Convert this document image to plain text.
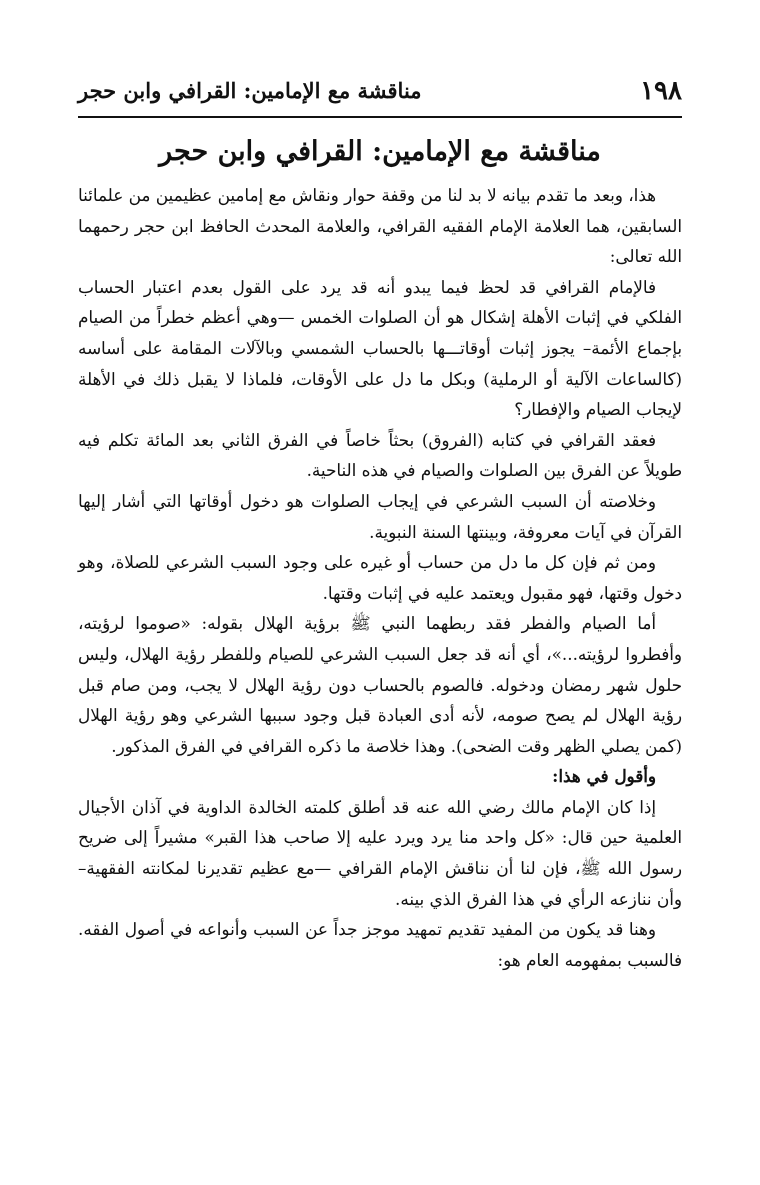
١٩٨
مناقشة مع الإمامين: القرافي وابن حجر
مناقشة مع الإمامين: القرافي وابن حجر

هذا، وبعد ما تقدم بيانه لا بد لنا من وقفة حوار ونقاش مع إمامين عظيمين من علمائنا السابقين، هما العلامة الإمام الفقيه القرافي، والعلامة المحدث الحافظ ابن حجر رحمهما الله تعالى:

فالإمام القرافي قد لحظ فيما يبدو أنه قد يرد على القول بعدم اعتبار الحساب الفلكي في إثبات الأهلة إشكال هو أن الصلوات الخمس —وهي أعظم خطراً من الصيام بإجماع الأئمة– يجوز إثبات أوقاتـــها بالحساب الشمسي وبالآلات المقامة على أساسه (كالساعات الآلية أو الرملية) وبكل ما دل على الأوقات، فلماذا لا يقبل ذلك في الأهلة لإيجاب الصيام والإفطار؟

فعقد القرافي في كتابه (الفروق) بحثاً خاصاً في الفرق الثاني بعد المائة تكلم فيه طويلاً عن الفرق بين الصلوات والصيام في هذه الناحية.

وخلاصته أن السبب الشرعي في إيجاب الصلوات هو دخول أوقاتها التي أشار إليها القرآن في آيات معروفة، وبينتها السنة النبوية.

ومن ثم فإن كل ما دل من حساب أو غيره على وجود السبب الشرعي للصلاة، وهو دخول وقتها، فهو مقبول ويعتمد عليه في إثبات وقتها.

أما الصيام والفطر فقد ربطهما النبي ﷺ برؤية الهلال بقوله: «صوموا لرؤيته، وأفطروا لرؤيته...»، أي أنه قد جعل السبب الشرعي للصيام وللفطر رؤية الهلال، وليس حلول شهر رمضان ودخوله. فالصوم بالحساب دون رؤية الهلال لا يجب، ومن صام قبل رؤية الهلال لم يصح صومه، لأنه أدى العبادة قبل وجود سببها الشرعي وهو رؤية الهلال (كمن يصلي الظهر وقت الضحى). وهذا خلاصة ما ذكره القرافي في الفرق المذكور.

وأقول في هذا:

إذا كان الإمام مالك رضي الله عنه قد أطلق كلمته الخالدة الداوية في آذان الأجيال العلمية حين قال: «كل واحد منا يرد ويرد عليه إلا صاحب هذا القبر» مشيراً إلى ضريح رسول الله ﷺ، فإن لنا أن نناقش الإمام القرافي —مع عظيم تقديرنا لمكانته الفقهية– وأن ننازعه الرأي في هذا الفرق الذي بينه.

وهنا قد يكون من المفيد تقديم تمهيد موجز جداً عن السبب وأنواعه في أصول الفقه. فالسبب بمفهومه العام هو:
